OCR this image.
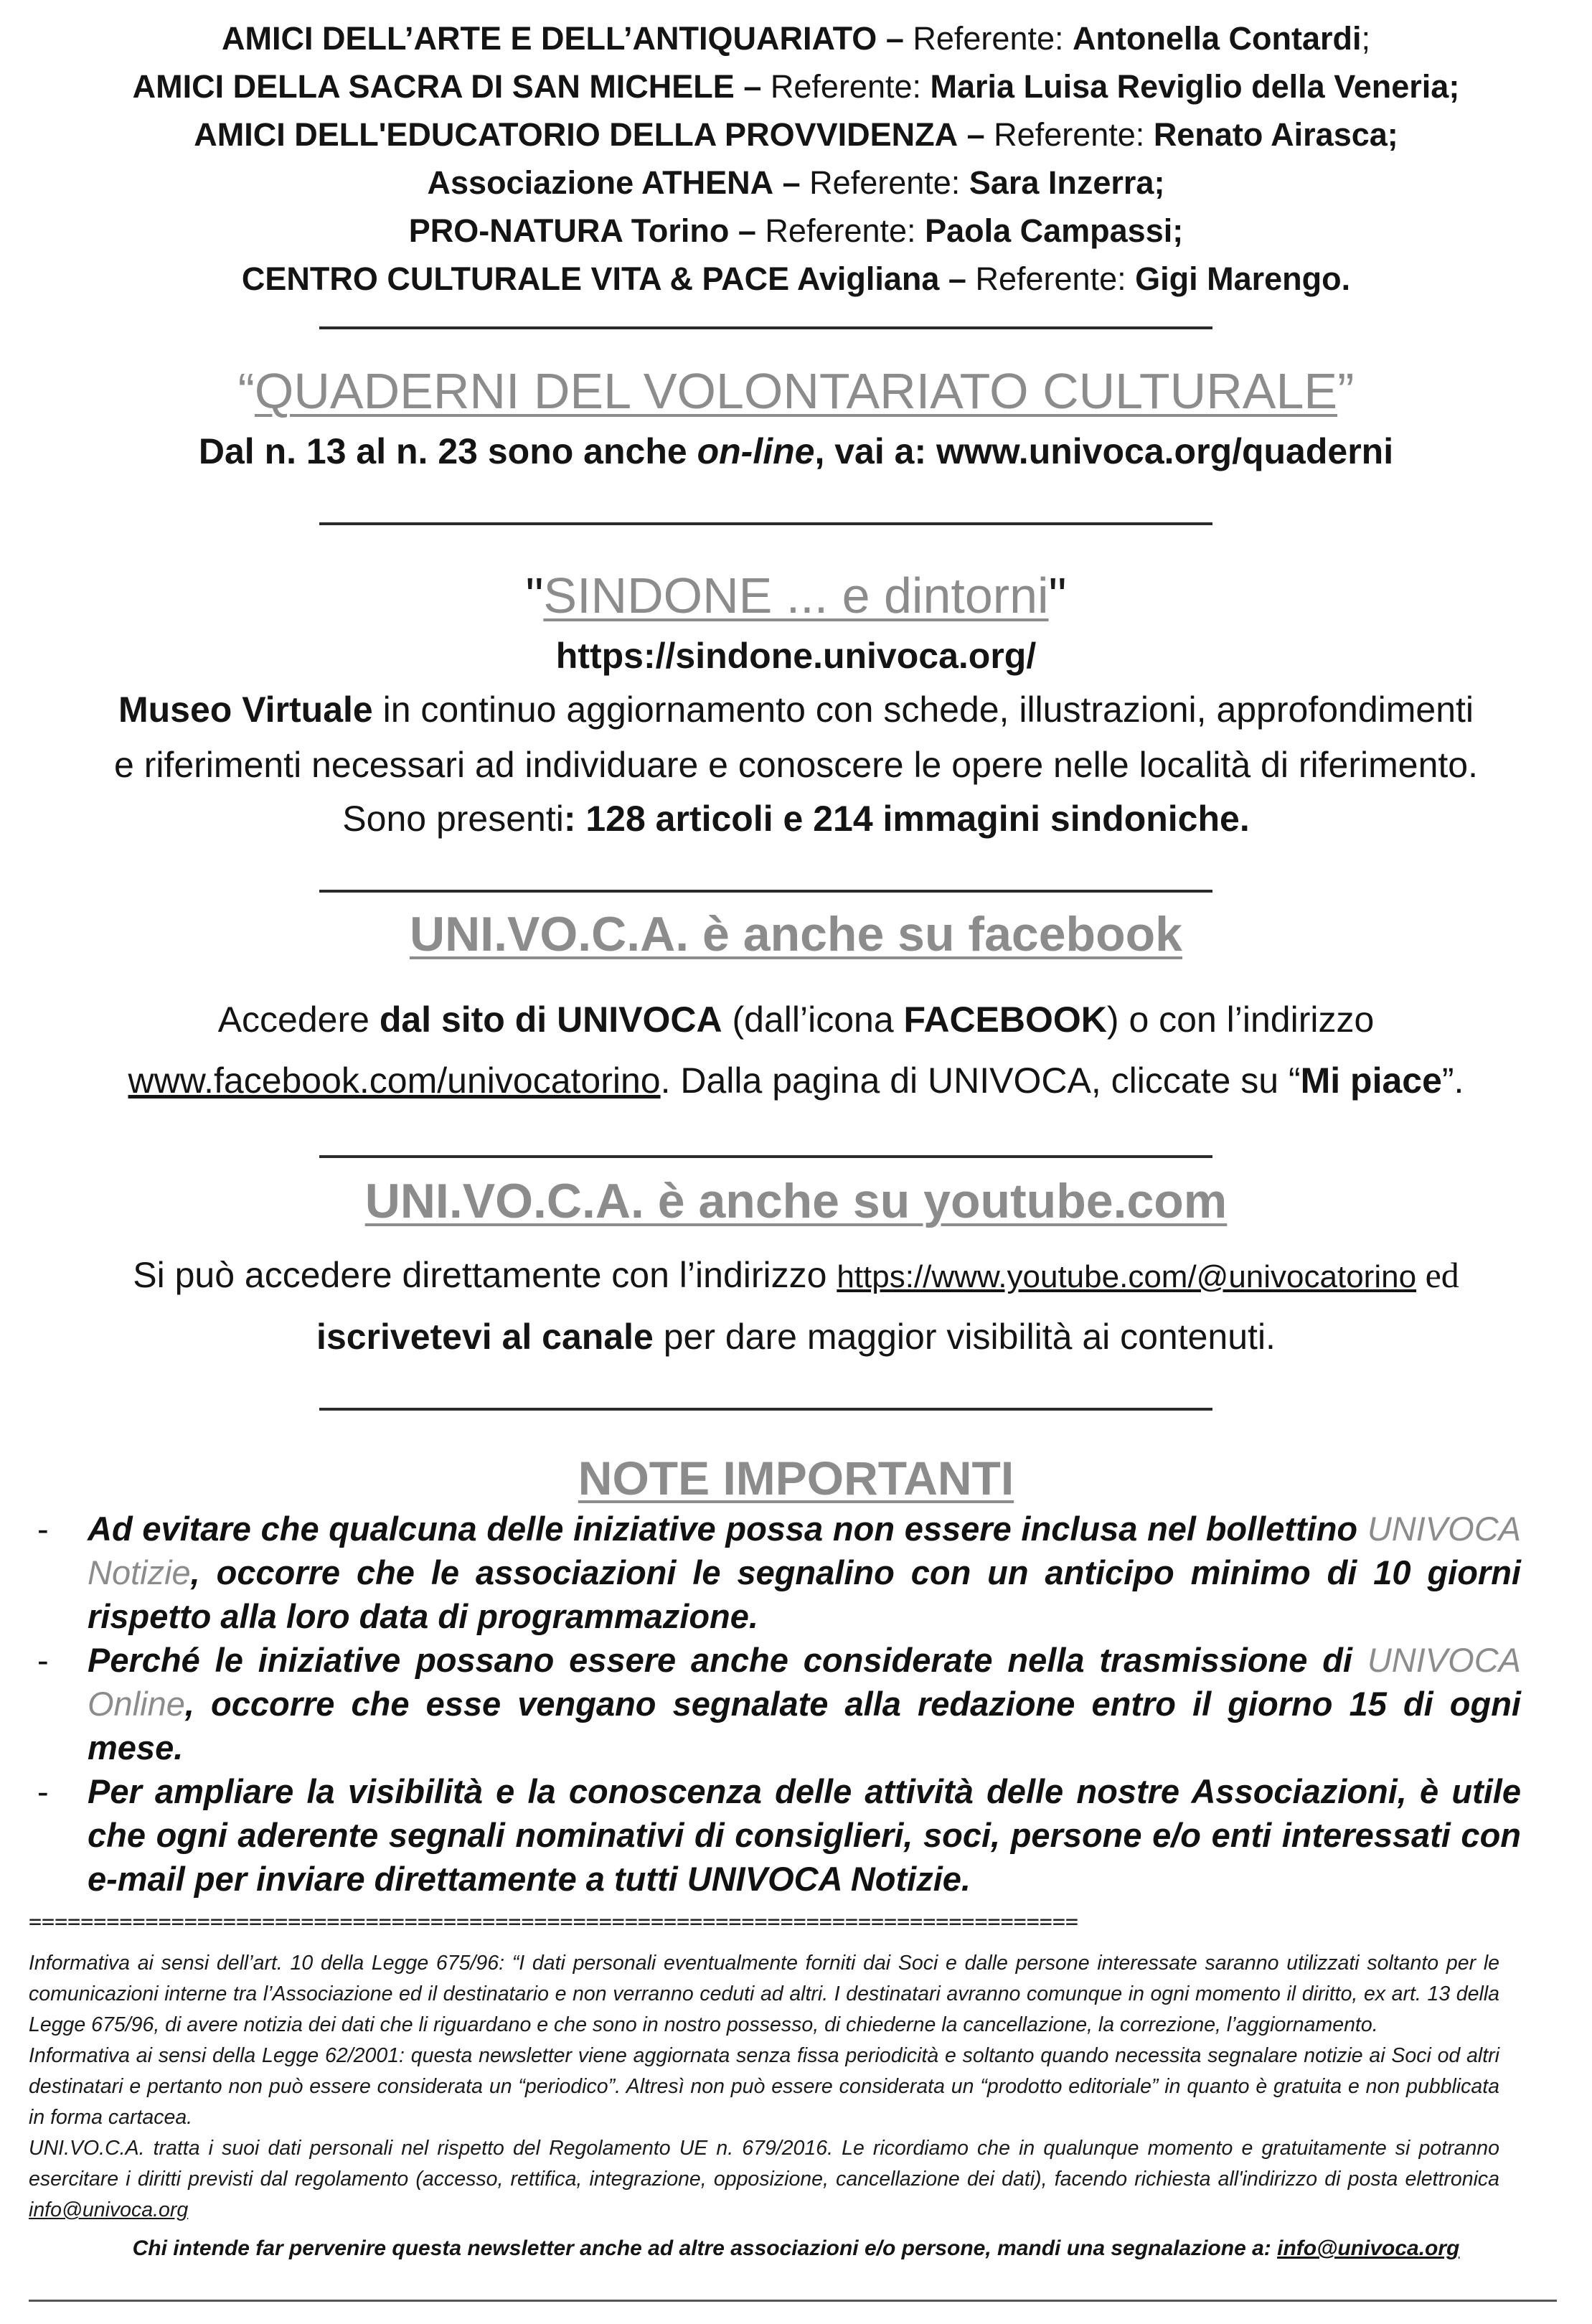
AMICI DELL’ARTE E DELL’ANTIQUARIATO – Referente: Antonella Contardi;
AMICI DELLA SACRA DI SAN MICHELE – Referente: Maria Luisa Reviglio della Veneria;
AMICI DELL'EDUCATORIO DELLA PROVVIDENZA – Referente: Renato Airasca;
Associazione ATHENA – Referente: Sara Inzerra;
PRO-NATURA Torino – Referente: Paola Campassi;
CENTRO CULTURALE VITA & PACE Avigliana – Referente: Gigi Marengo.
“QUADERNI DEL VOLONTARIATO CULTURALE”
Dal n. 13 al n. 23 sono anche on-line, vai a: www.univoca.org/quaderni
"SINDONE ... e dintorni"
https://sindone.univoca.org/
Museo Virtuale in continuo aggiornamento con schede, illustrazioni, approfondimenti
e riferimenti necessari ad individuare e conoscere le opere nelle località di riferimento.
Sono presenti: 128 articoli e 214 immagini sindoniche.
UNI.VO.C.A. è anche su facebook
Accedere dal sito di UNIVOCA (dall’icona FACEBOOK) o con l’indirizzo
www.facebook.com/univocatorino. Dalla pagina di UNIVOCA, cliccate su “Mi piace”.
UNI.VO.C.A. è anche su youtube.com
Si può accedere direttamente con l’indirizzo https://www.youtube.com/@univocatorino ed
iscrivetevi al canale per dare maggior visibilità ai contenuti.
NOTE IMPORTANTI
- Ad evitare che qualcuna delle iniziative possa non essere inclusa nel bollettino UNIVOCA Notizie, occorre che le associazioni le segnalino con un anticipo minimo di 10 giorni rispetto alla loro data di programmazione.
- Perché le iniziative possano essere anche considerate nella trasmissione di UNIVOCA Online, occorre che esse vengano segnalate alla redazione entro il giorno 15 di ogni mese.
- Per ampliare la visibilità e la conoscenza delle attività delle nostre Associazioni, è utile che ogni aderente segnali nominativi di consiglieri, soci, persone e/o enti interessati con e-mail per inviare direttamente a tutti UNIVOCA Notizie.
=================================================================================

Informativa ai sensi dell’art. 10 della Legge 675/96: “I dati personali eventualmente forniti dai Soci e dalle persone interessate saranno utilizzati soltanto per le comunicazioni interne tra l’Associazione ed il destinatario e non verranno ceduti ad altri. I destinatari avranno comunque in ogni momento il diritto, ex art. 13 della Legge 675/96, di avere notizia dei dati che li riguardano e che sono in nostro possesso, di chiederne la cancellazione, la correzione, l’aggiornamento.

Informativa ai sensi della Legge 62/2001: questa newsletter viene aggiornata senza fissa periodicità e soltanto quando necessita segnalare notizie ai Soci od altri destinatari e pertanto non può essere considerata un “periodico”. Altresì non può essere considerata un “prodotto editoriale” in quanto è gratuita e non pubblicata in forma cartacea.

UNI.VO.C.A. tratta i suoi dati personali nel rispetto del Regolamento UE n. 679/2016. Le ricordiamo che in qualunque momento e gratuitamente si potranno esercitare i diritti previsti dal regolamento (accesso, rettifica, integrazione, opposizione, cancellazione dei dati), facendo richiesta all'indirizzo di posta elettronica info@univoca.org

Chi intende far pervenire questa newsletter anche ad altre associazioni e/o persone, mandi una segnalazione a: info@univoca.org
